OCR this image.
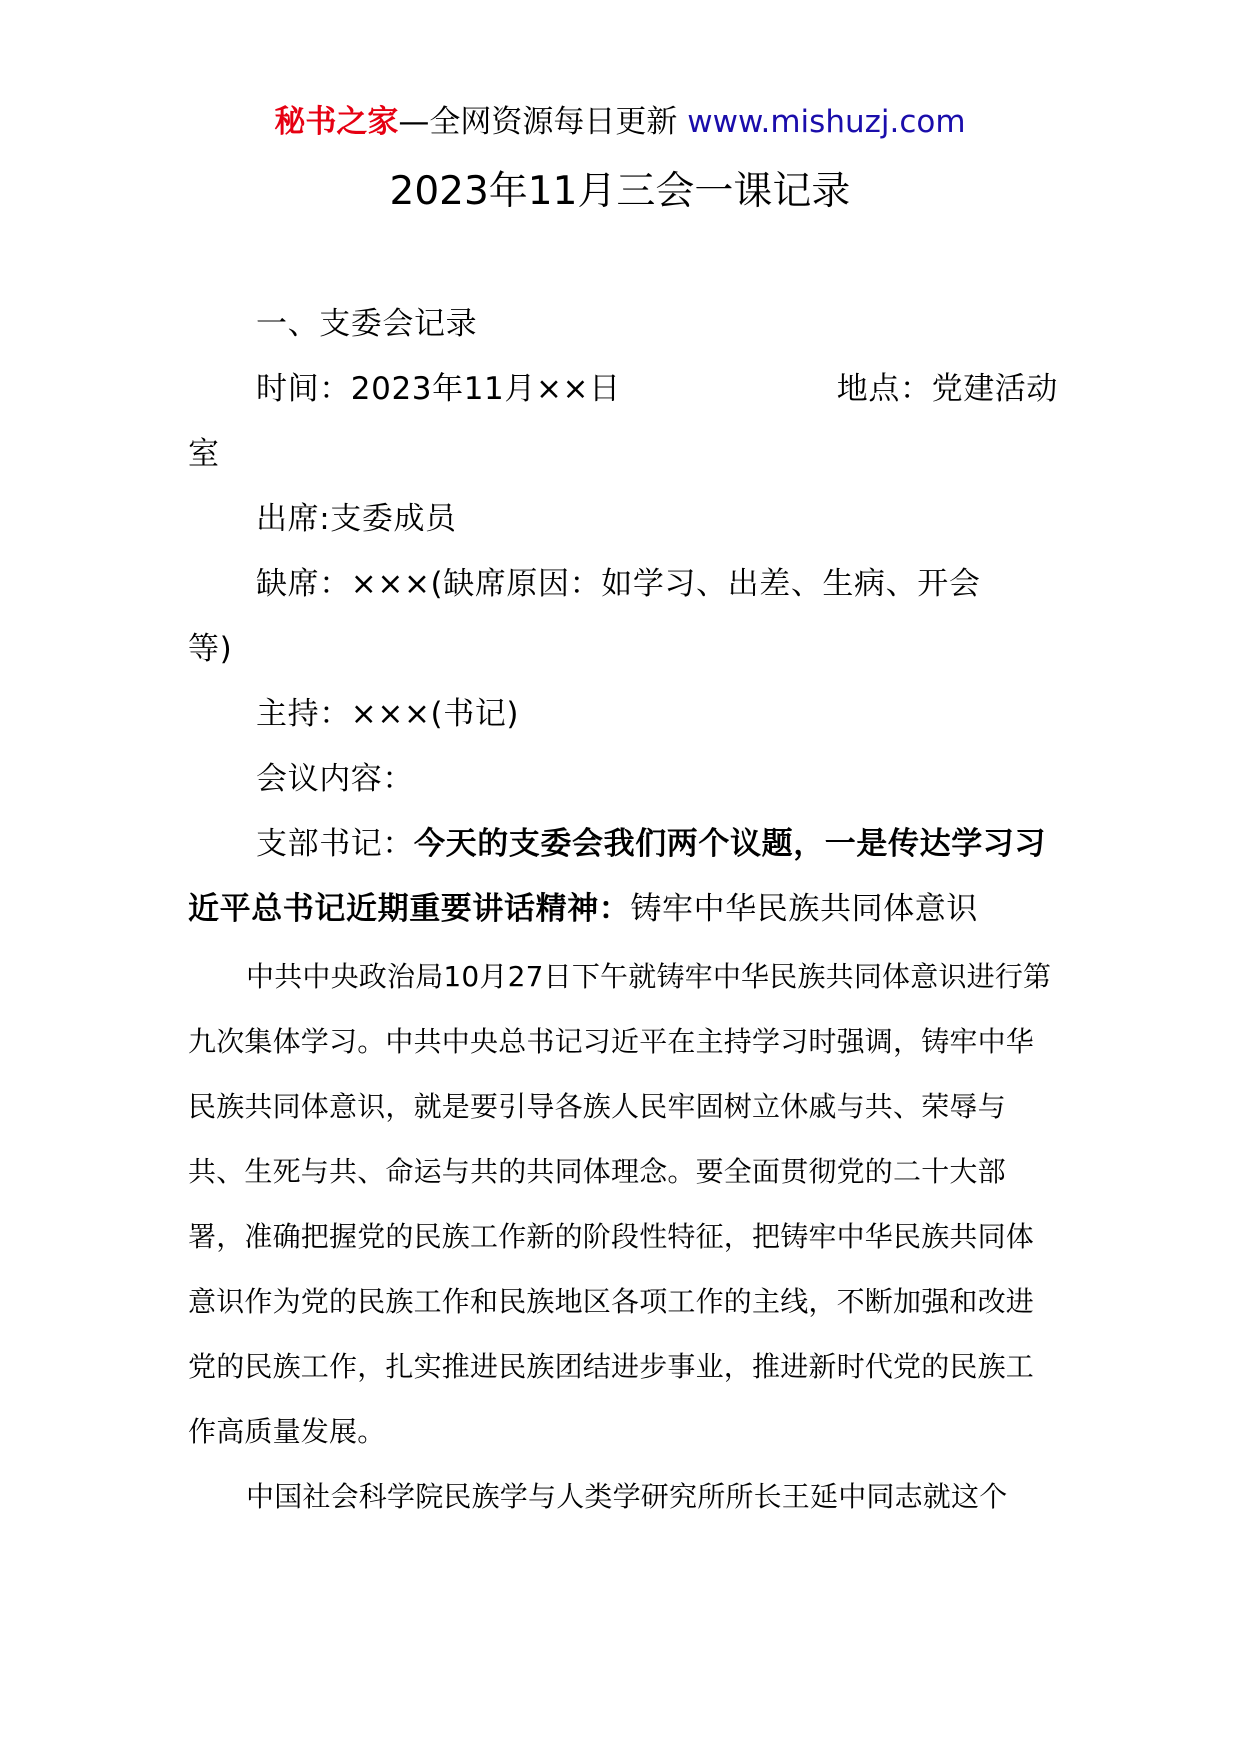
秘书之家—全网资源每日更新 www.mishuzj.com
2023年11月三会一课记录

一、支委会记录

时间：2023年11月××日	地点：党建活动

室

出席:支委成员

缺席：×××(缺席原因：如学习、出差、生病、开会

等)

主持：×××(书记)

会议内容：

支部书记：今天的支委会我们两个议题，一是传达学习习近平总书记近期重要讲话精神：铸牢中华民族共同体意识

中共中央政治局10月27日下午就铸牢中华民族共同体意识进行第九次集体学习。中共中央总书记习近平在主持学习时强调，铸牢中华民族共同体意识，就是要引导各族人民牢固树立休戚与共、荣辱与共、生死与共、命运与共的共同体理念。要全面贯彻党的二十大部署，准确把握党的民族工作新的阶段性特征，把铸牢中华民族共同体意识作为党的民族工作和民族地区各项工作的主线，不断加强和改进党的民族工作，扎实推进民族团结进步事业，推进新时代党的民族工作高质量发展。

中国社会科学院民族学与人类学研究所所长王延中同志就这个
